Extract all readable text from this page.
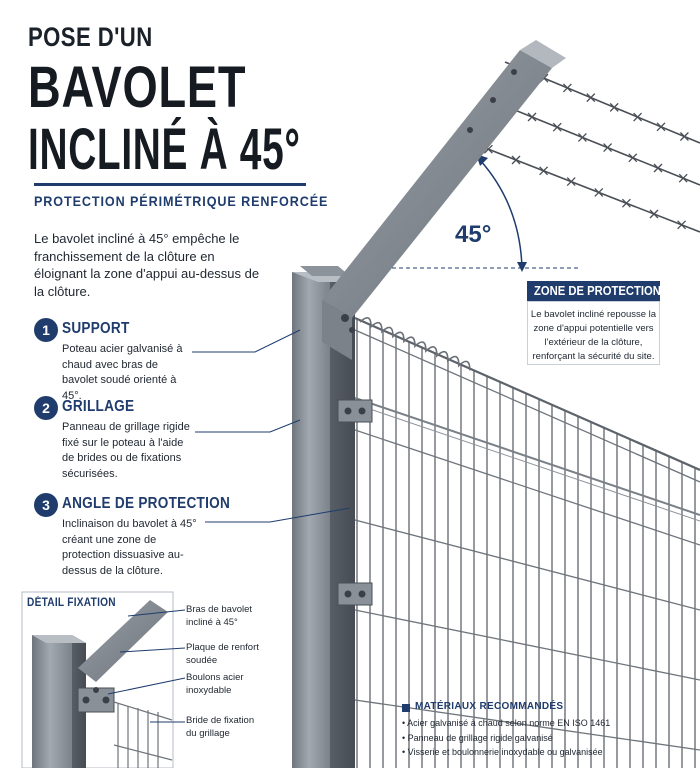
POSE D'UN
BAVOLET
INCLINÉ À 45°
PROTECTION PÉRIMÉTRIQUE RENFORCÉE
Le bavolet incliné à 45° empêche le franchissement de la clôture en éloignant la zone d'appui au-dessus de la clôture.
45°
ZONE DE PROTECTION
Le bavolet incliné repousse la zone d'appui potentielle vers l'extérieur de la clôture, renforçant la sécurité du site.
1 SUPPORT
Poteau acier galvanisé à chaud avec bras de bavolet soudé orienté à 45°.
2 GRILLAGE
Panneau de grillage rigide fixé sur le poteau à l'aide de brides ou de fixations sécurisées.
3 ANGLE DE PROTECTION
Inclinaison du bavolet à 45° créant une zone de protection dissuasive au-dessus de la clôture.
DÉTAIL FIXATION
Bras de bavolet incliné à 45°
Plaque de renfort soudée
Boulons acier inoxydable
Bride de fixation du grillage
MATÉRIAUX RECOMMANDÉS
• Acier galvanisé à chaud selon norme EN ISO 1461
• Panneau de grillage rigide galvanisé
• Visserie et boulonnerie inoxydable ou galvanisée
